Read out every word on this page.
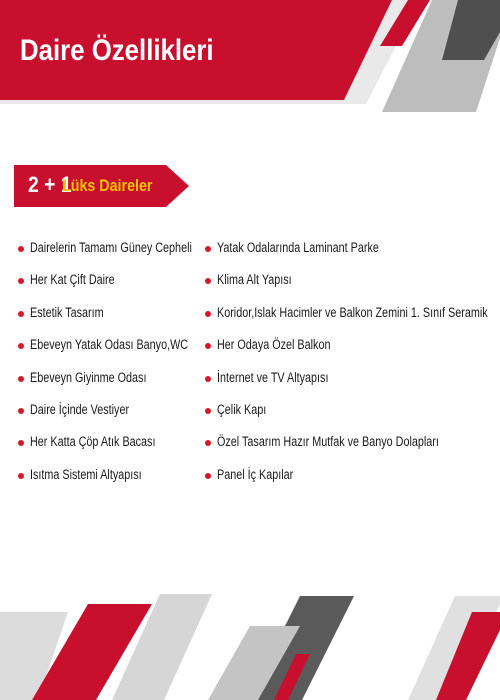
Daire Özellikleri
2 + 1
Lüks Daireler
Dairelerin Tamamı Güney Cepheli
Her Kat Çift Daire
Estetik Tasarım
Ebeveyn Yatak Odası Banyo,WC
Ebeveyn Giyinme Odası
Daire İçinde Vestiyer
Her Katta Çöp Atık Bacası
Isıtma Sistemi Altyapısı
Yatak Odalarında Laminant Parke
Klima Alt Yapısı
Koridor,Islak Hacimler ve Balkon Zemini 1. Sınıf Seramik
Her Odaya Özel Balkon
İnternet ve TV Altyapısı
Çelik Kapı
Özel Tasarım Hazır Mutfak ve Banyo Dolapları
Panel İç Kapılar
